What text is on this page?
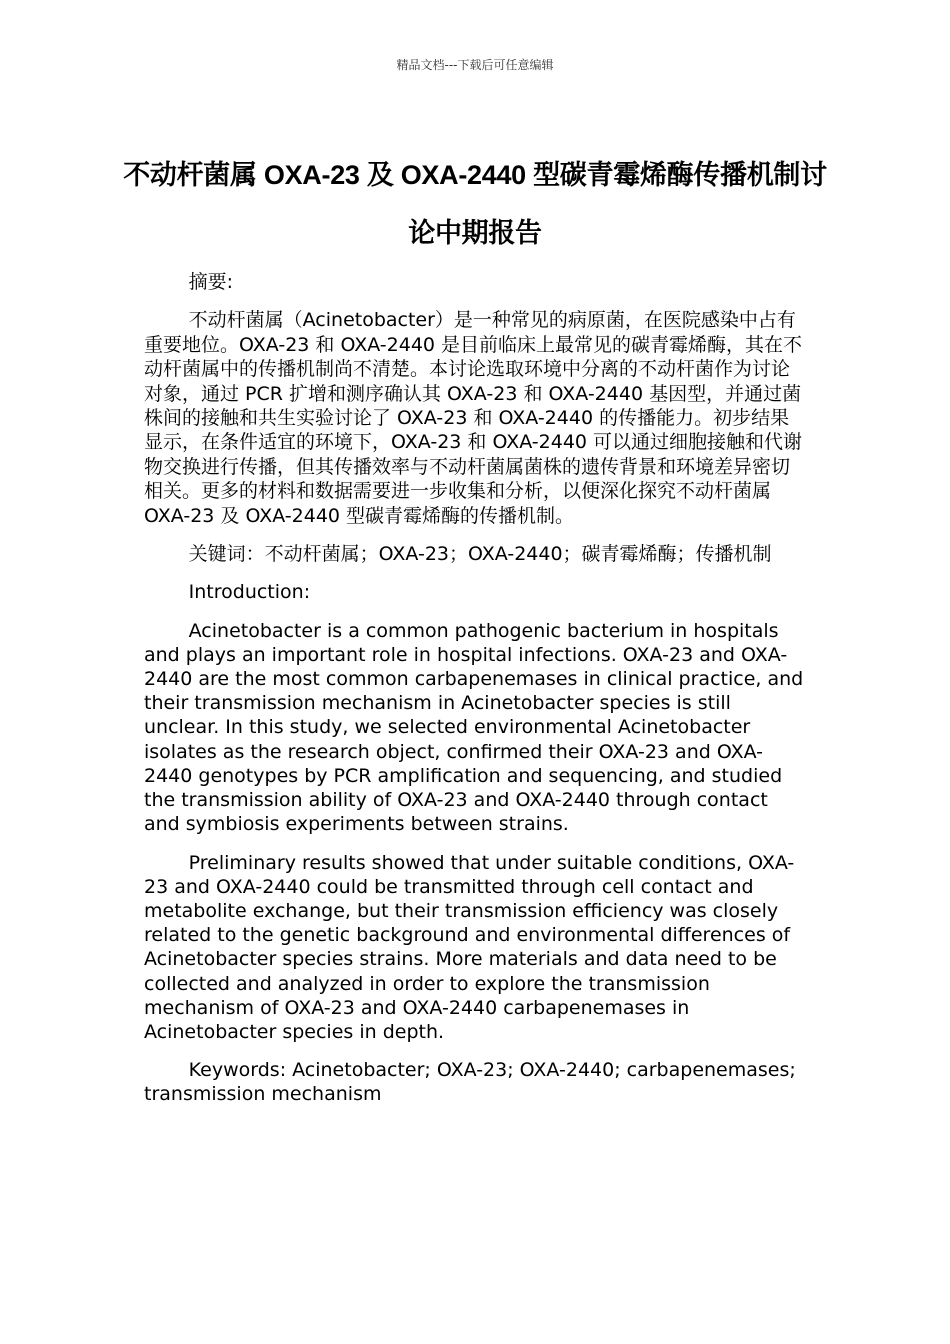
精品文档---下载后可任意编辑
不动杆菌属 OXA-23 及 OXA-2440 型碳青霉烯酶传播机制讨论中期报告

摘要:

不动杆菌属（Acinetobacter）是一种常见的病原菌，在医院感染中占有重要地位。OXA-23 和 OXA-2440 是目前临床上最常见的碳青霉烯酶，其在不动杆菌属中的传播机制尚不清楚。本讨论选取环境中分离的不动杆菌作为讨论对象，通过 PCR 扩增和测序确认其 OXA-23 和 OXA-2440 基因型，并通过菌株间的接触和共生实验讨论了 OXA-23 和 OXA-2440 的传播能力。初步结果显示，在条件适宜的环境下，OXA-23 和 OXA-2440 可以通过细胞接触和代谢物交换进行传播，但其传播效率与不动杆菌属菌株的遗传背景和环境差异密切相关。更多的材料和数据需要进一步收集和分析，以便深化探究不动杆菌属 OXA-23 及 OXA-2440 型碳青霉烯酶的传播机制。

关键词：不动杆菌属；OXA-23；OXA-2440；碳青霉烯酶；传播机制

Introduction:

Acinetobacter is a common pathogenic bacterium in hospitals and plays an important role in hospital infections. OXA-23 and OXA-2440 are the most common carbapenemases in clinical practice, and their transmission mechanism in Acinetobacter species is still unclear. In this study, we selected environmental Acinetobacter isolates as the research object, confirmed their OXA-23 and OXA-2440 genotypes by PCR amplification and sequencing, and studied the transmission ability of OXA-23 and OXA-2440 through contact and symbiosis experiments between strains.

Preliminary results showed that under suitable conditions, OXA-23 and OXA-2440 could be transmitted through cell contact and metabolite exchange, but their transmission efficiency was closely related to the genetic background and environmental differences of Acinetobacter species strains. More materials and data need to be collected and analyzed in order to explore the transmission mechanism of OXA-23 and OXA-2440 carbapenemases in Acinetobacter species in depth.

Keywords: Acinetobacter; OXA-23; OXA-2440; carbapenemases; transmission mechanism
